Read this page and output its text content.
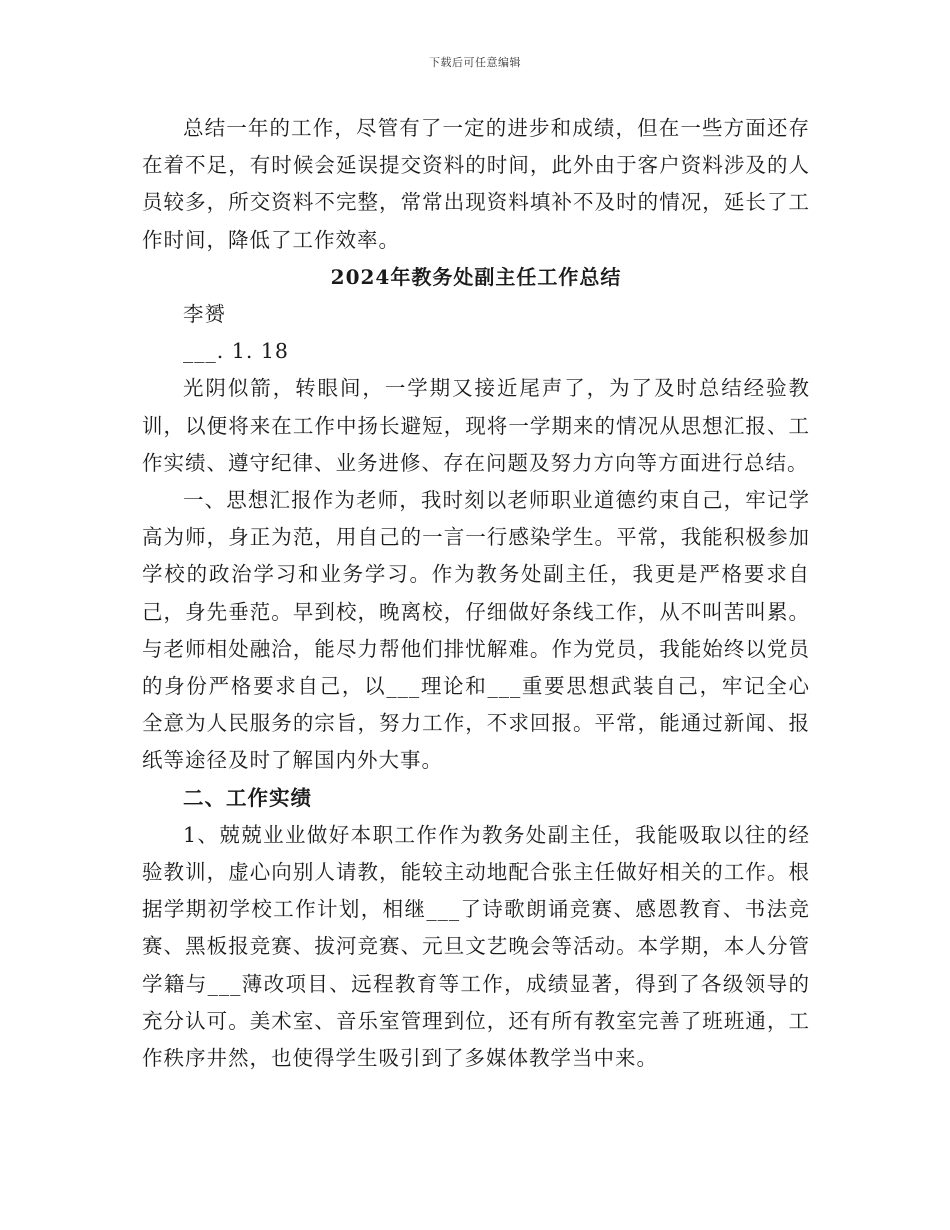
下载后可任意编辑

总结一年的工作，尽管有了一定的进步和成绩，但在一些方面还存在着不足，有时候会延误提交资料的时间，此外由于客户资料涉及的人员较多，所交资料不完整，常常出现资料填补不及时的情况，延长了工作时间，降低了工作效率。

2024年教务处副主任工作总结

李赟

___. 1. 18

光阴似箭，转眼间，一学期又接近尾声了，为了及时总结经验教训，以便将来在工作中扬长避短，现将一学期来的情况从思想汇报、工作实绩、遵守纪律、业务进修、存在问题及努力方向等方面进行总结。

一、思想汇报作为老师，我时刻以老师职业道德约束自己，牢记学高为师，身正为范，用自己的一言一行感染学生。平常，我能积极参加学校的政治学习和业务学习。作为教务处副主任，我更是严格要求自己，身先垂范。早到校，晚离校，仔细做好条线工作，从不叫苦叫累。与老师相处融洽，能尽力帮他们排忧解难。作为党员，我能始终以党员的身份严格要求自己，以___理论和___重要思想武装自己，牢记全心全意为人民服务的宗旨，努力工作，不求回报。平常，能通过新闻、报纸等途径及时了解国内外大事。

二、工作实绩

1、兢兢业业做好本职工作作为教务处副主任，我能吸取以往的经验教训，虚心向别人请教，能较主动地配合张主任做好相关的工作。根据学期初学校工作计划，相继___了诗歌朗诵竞赛、感恩教育、书法竞赛、黑板报竞赛、拔河竞赛、元旦文艺晚会等活动。本学期，本人分管学籍与___薄改项目、远程教育等工作，成绩显著，得到了各级领导的充分认可。美术室、音乐室管理到位，还有所有教室完善了班班通，工作秩序井然，也使得学生吸引到了多媒体教学当中来。
